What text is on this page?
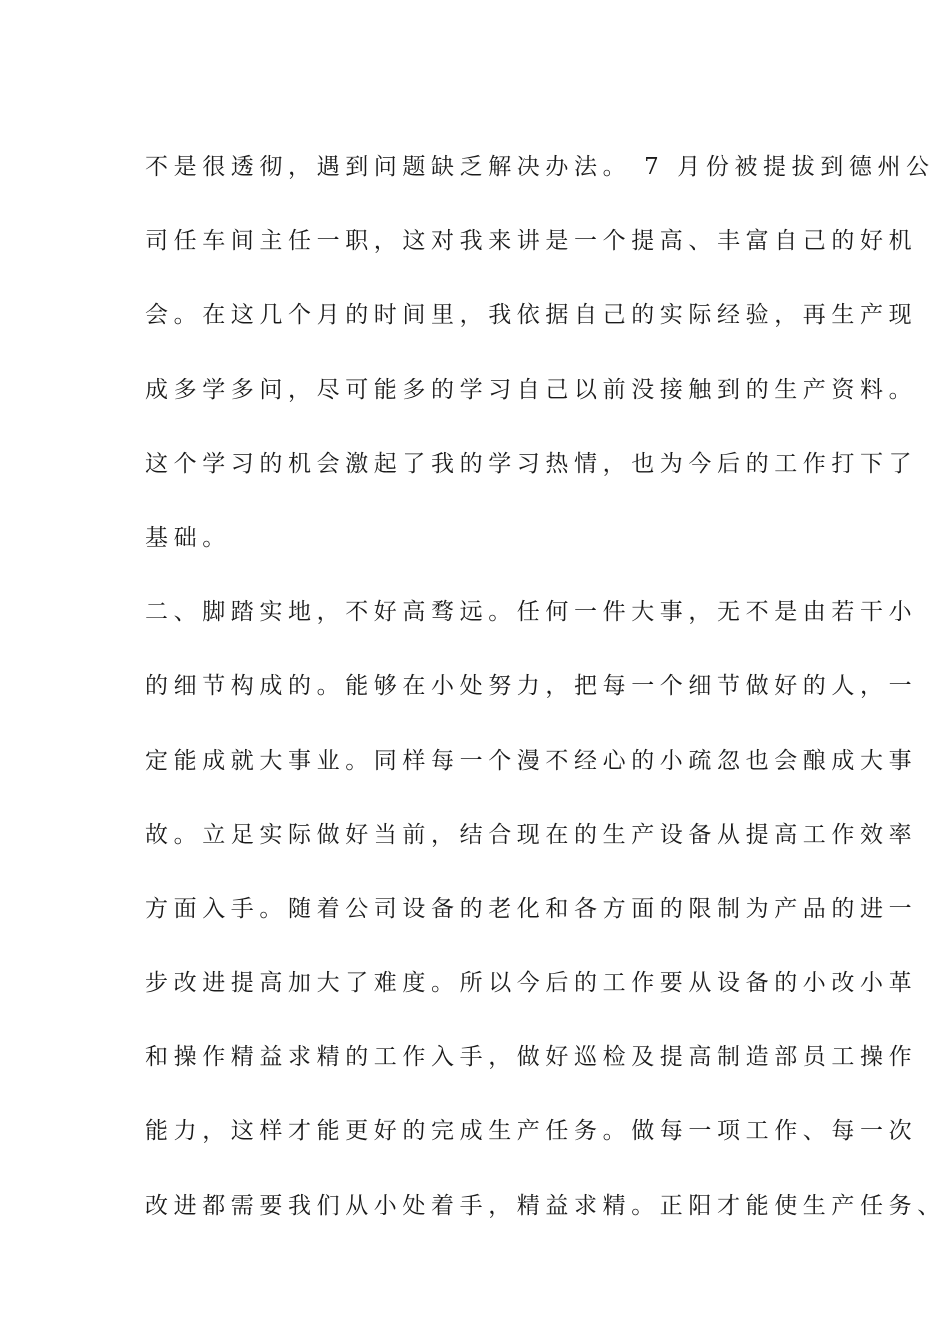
不是很透彻，遇到问题缺乏解决办法。 7 月份被提拔到德州公
司任车间主任一职，这对我来讲是一个提高、丰富自己的好机
会。在这几个月的时间里，我依据自己的实际经验，再生产现
成多学多问，尽可能多的学习自己以前没接触到的生产资料。
这个学习的机会激起了我的学习热情，也为今后的工作打下了
基础。
二、脚踏实地，不好高骛远。任何一件大事，无不是由若干小
的细节构成的。能够在小处努力，把每一个细节做好的人，一
定能成就大事业。同样每一个漫不经心的小疏忽也会酿成大事
故。立足实际做好当前，结合现在的生产设备从提高工作效率
方面入手。随着公司设备的老化和各方面的限制为产品的进一
步改进提高加大了难度。所以今后的工作要从设备的小改小革
和操作精益求精的工作入手，做好巡检及提高制造部员工操作
能力，这样才能更好的完成生产任务。做每一项工作、每一次
改进都需要我们从小处着手，精益求精。正阳才能使生产任务、
